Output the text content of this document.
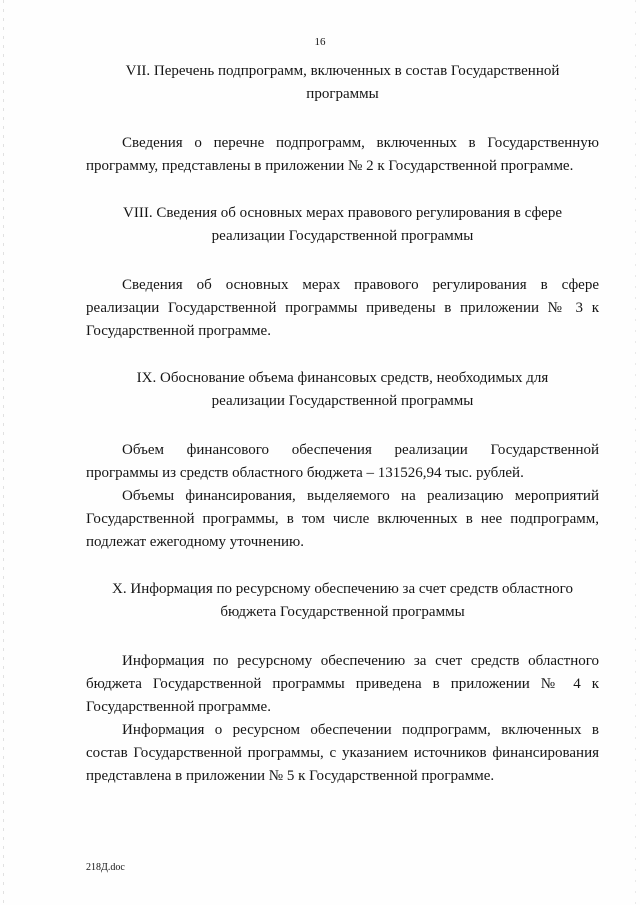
16

VII. Перечень подпрограмм, включенных в состав Государственной

программы

Сведения о перечне подпрограмм, включенных в Государственную программу, представлены в приложении № 2 к Государственной программе.

VIII. Сведения об основных мерах правового регулирования в сфере

реализации Государственной программы

Сведения об основных мерах правового регулирования в сфере реализации Государственной программы приведены в приложении № 3 к Государственной программе.

IX. Обоснование объема финансовых средств, необходимых для

реализации Государственной программы

Объем финансового обеспечения реализации Государственной программы из средств областного бюджета – 131526,94 тыс. рублей.

Объемы финансирования, выделяемого на реализацию мероприятий Государственной программы, в том числе включенных в нее подпрограмм, подлежат ежегодному уточнению.

X. Информация по ресурсному обеспечению за счет средств областного

бюджета Государственной программы

Информация по ресурсному обеспечению за счет средств областного бюджета Государственной программы приведена в приложении № 4 к Государственной программе.

Информация о ресурсном обеспечении подпрограмм, включенных в состав Государственной программы, с указанием источников финансирования представлена в приложении № 5 к Государственной программе.

218Д.doc
